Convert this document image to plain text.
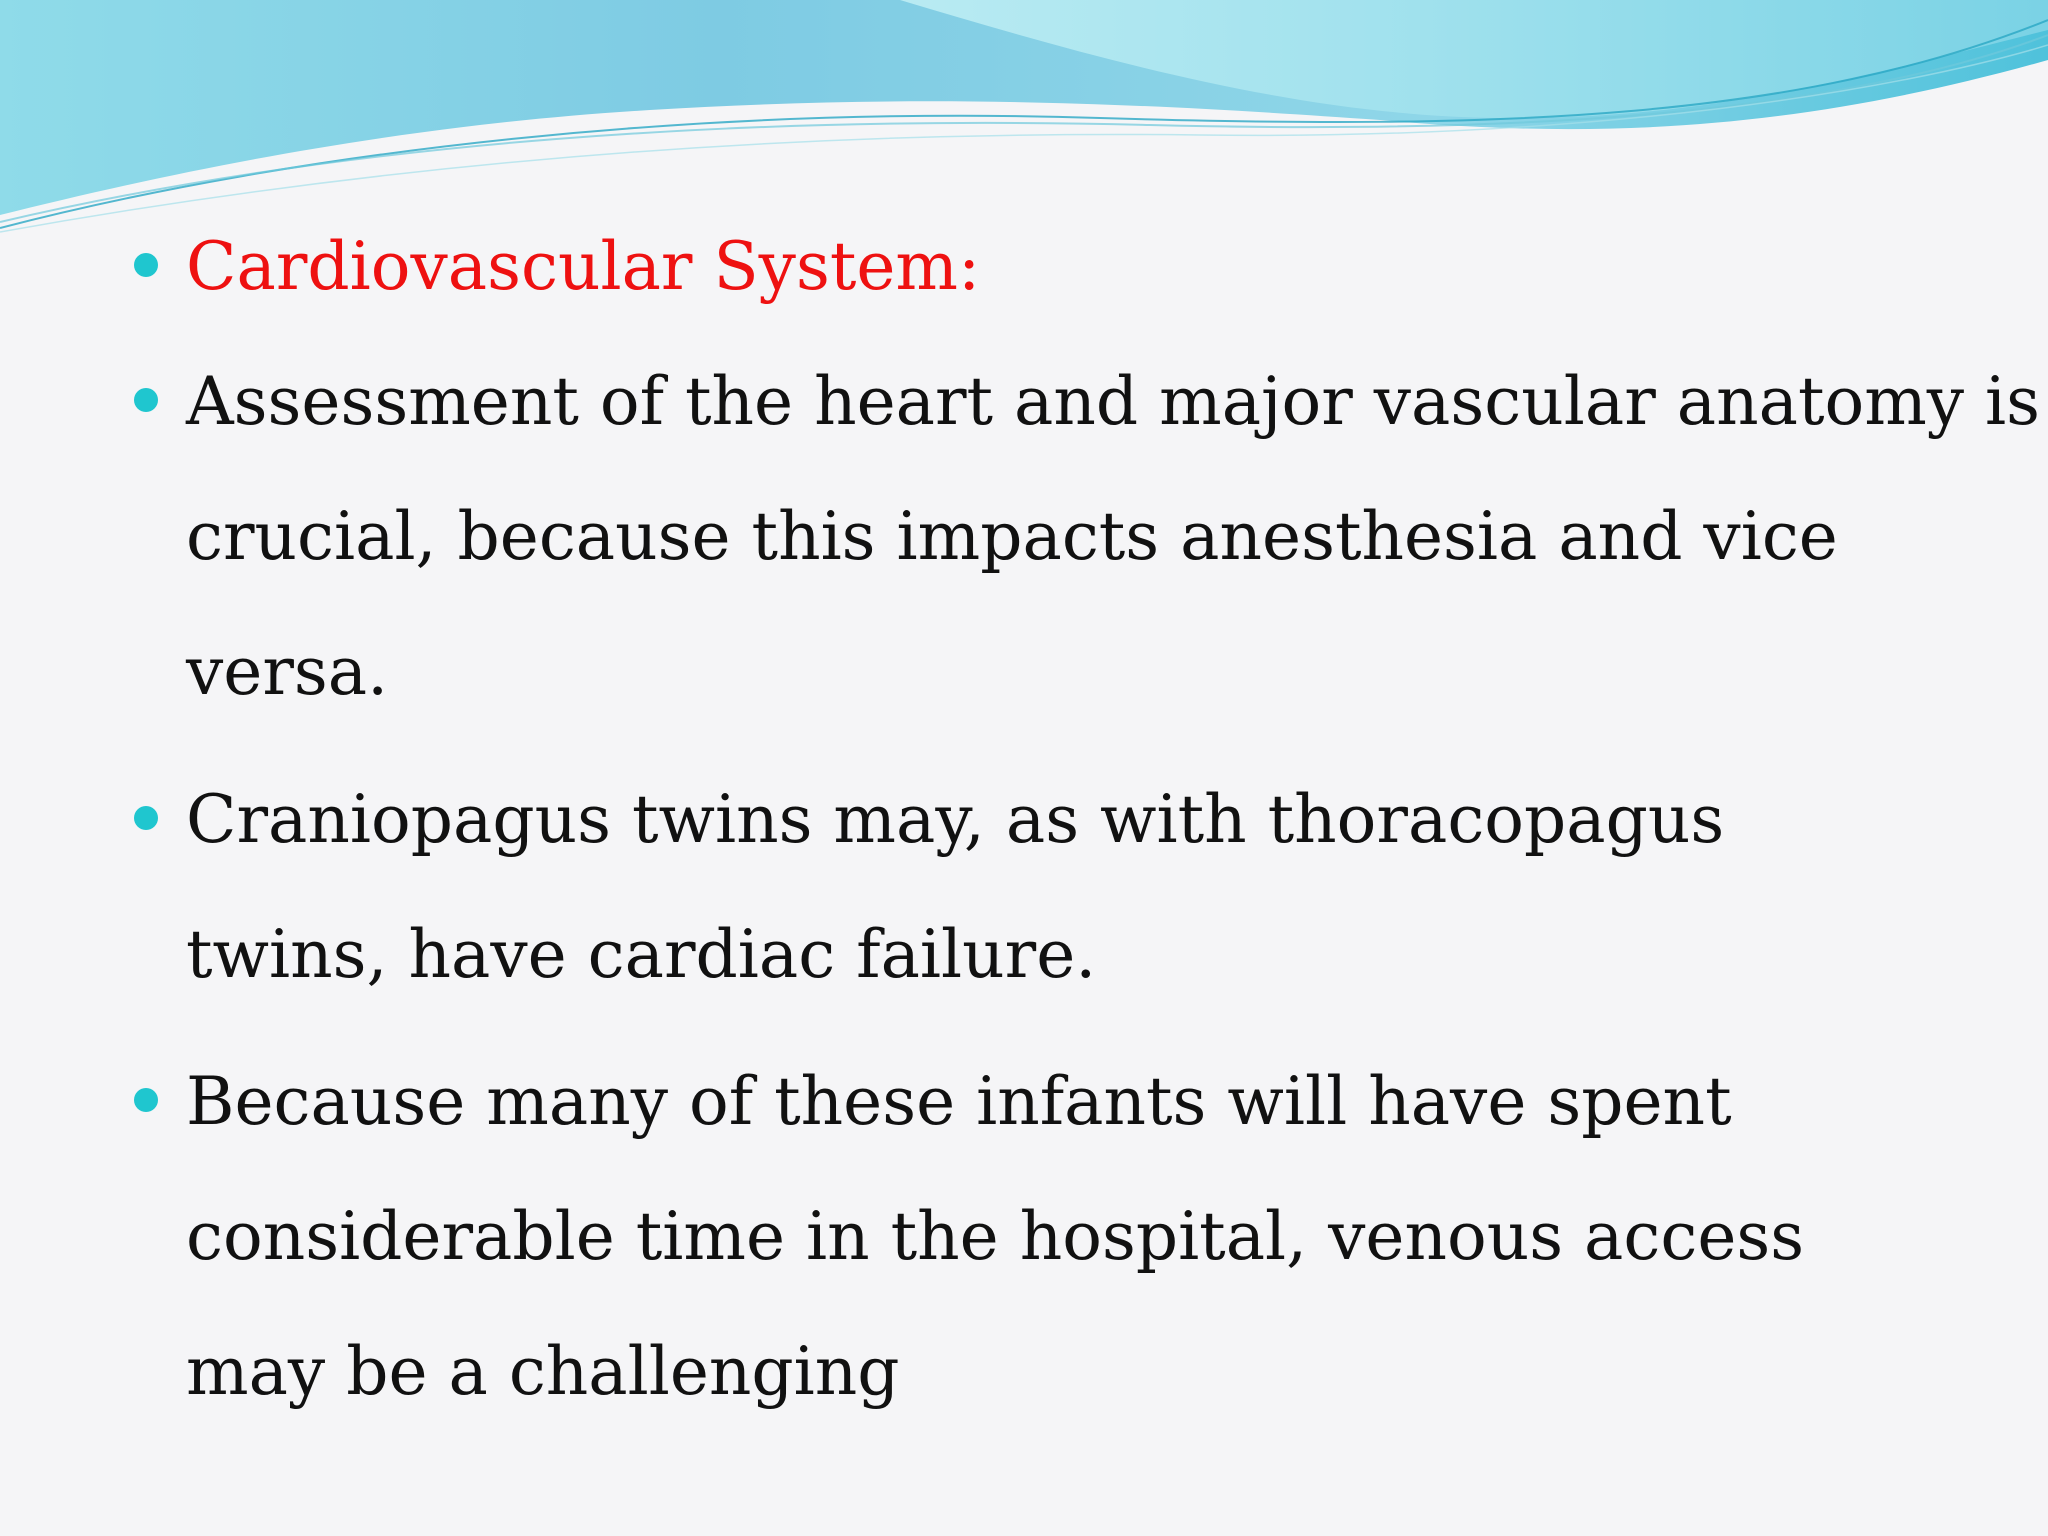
Cardiovascular System:
Assessment of the heart and major vascular anatomy is
crucial, because this impacts anesthesia and vice
versa.
Craniopagus twins may, as with thoracopagus
twins, have cardiac failure.
Because many of these infants will have spent
considerable time in the hospital, venous access
may be a challenging
